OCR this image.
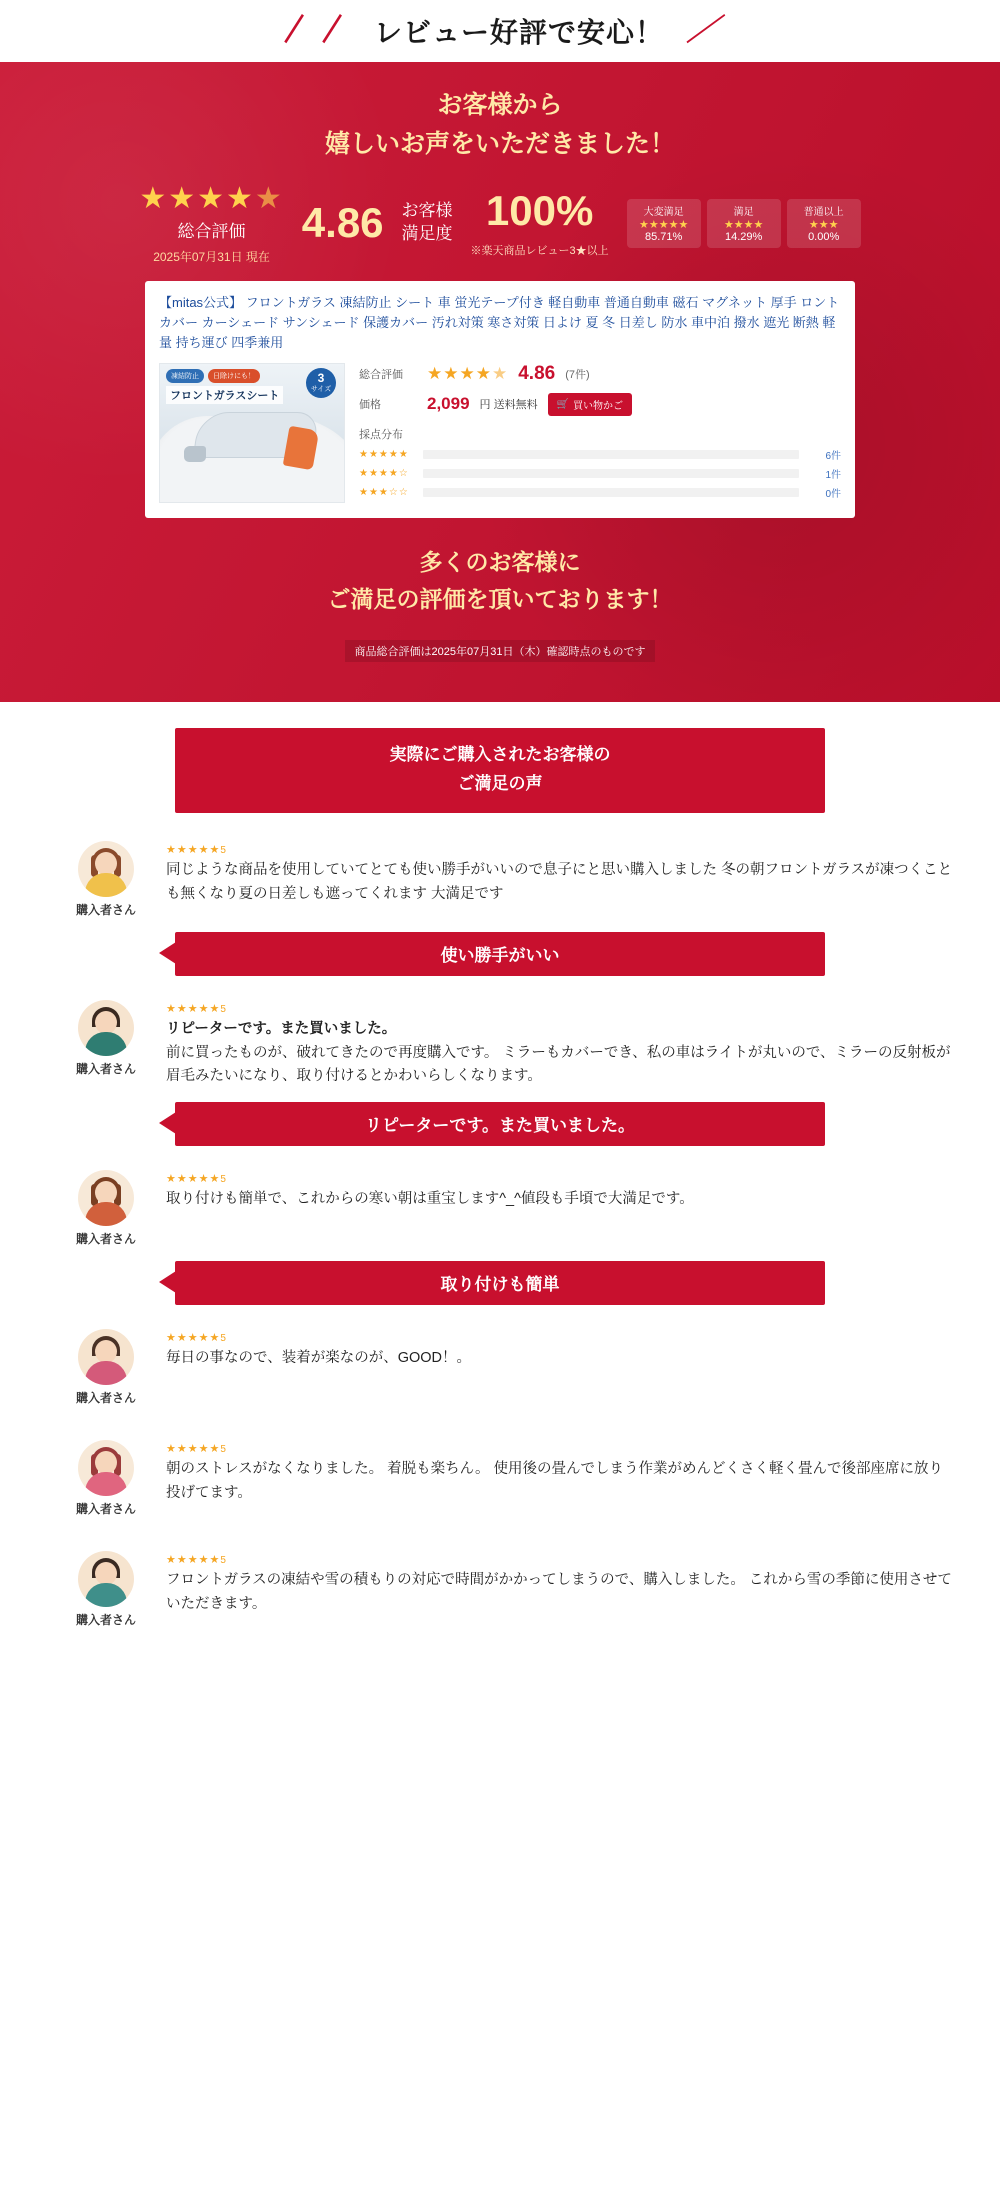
／
／ レビュー好評で安心！ ／
お客様から
嬉しいお声をいただきました！
★★★★★
総合評価
2025年07月31日 現在
4.86 お客様
満足度 100%
※楽天商品レビュー3★以上
大変満足
★★★★★
85.71%
満足
★★★★
14.29%
普通以上
★★★
0.00%
【mitas公式】 フロントガラス 凍結防止 シート 車 蛍光テープ付き 軽自動車 普通自動車 磁石 マグネット 厚手 ロントカバー カーシェード サンシェード 保護カバー 汚れ対策 寒さ対策 日よけ 夏 冬 日差し 防水 車中泊 撥水 遮光 断熱 軽量 持ち運び 四季兼用
凍結防止	日除けにも！	3
サイズ
フロントガラスシート
総合評価	★★★★★ 4.86 (7件)
価格	2,099 円 送料無料 🛒 買い物かご
採点分布
★★★★★	6件
★★★★☆	1件
★★★☆☆	0件
多くのお客様に
ご満足の評価を頂いております！
商品総合評価は2025年07月31日（木）確認時点のものです
実際にご購入されたお客様の
ご満足の声
購入者さん
★★★★★5
同じような商品を使用していてとても使い勝手がいいので息子にと思い購入しました 冬の朝フロントガラスが凍つくことも無くなり夏の日差しも遮ってくれます 大満足です
使い勝手がいい
購入者さん
★★★★★5
リピーターです。また買いました。
前に買ったものが、破れてきたので再度購入です。 ミラーもカバーでき、私の車はライトが丸いので、ミラーの反射板が眉毛みたいになり、取り付けるとかわいらしくなります。
リピーターです。また買いました。
購入者さん
★★★★★5
取り付けも簡単で、これからの寒い朝は重宝します^_^値段も手頃で大満足です。
取り付けも簡単
購入者さん
★★★★★5
毎日の事なので、装着が楽なのが、GOOD！。
購入者さん
★★★★★5
朝のストレスがなくなりました。 着脱も楽ちん。 使用後の畳んでしまう作業がめんどくさく軽く畳んで後部座席に放り投げてます。
購入者さん
★★★★★5
フロントガラスの凍結や雪の積もりの対応で時間がかかってしまうので、購入しました。 これから雪の季節に使用させていただきます。
